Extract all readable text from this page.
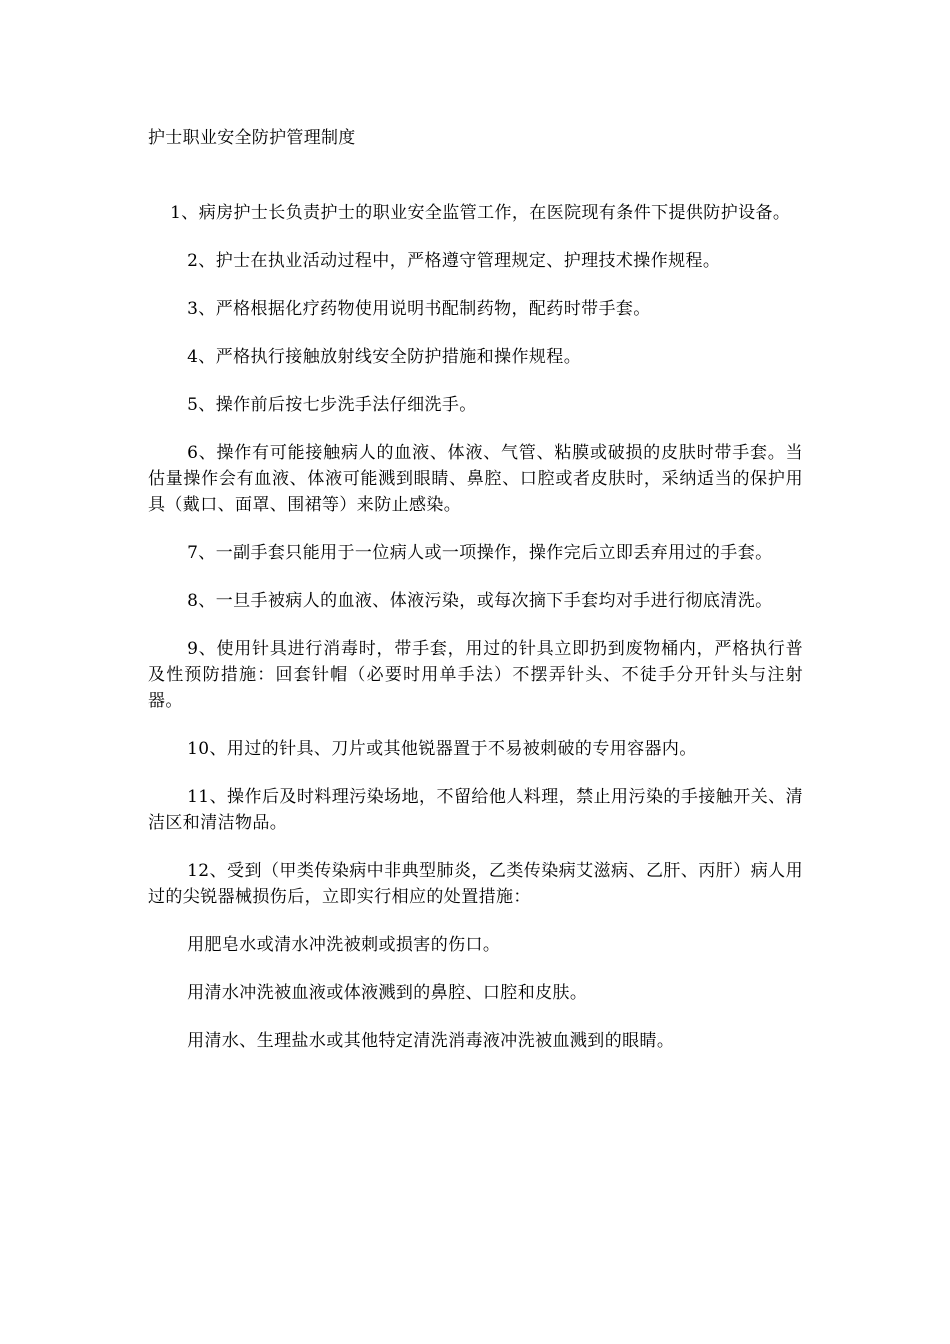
护士职业安全防护管理制度

1、病房护士长负责护士的职业安全监管工作，在医院现有条件下提供防护设备。

2、护士在执业活动过程中，严格遵守管理规定、护理技术操作规程。

3、严格根据化疗药物使用说明书配制药物，配药时带手套。

4、严格执行接触放射线安全防护措施和操作规程。

5、操作前后按七步洗手法仔细洗手。

6、操作有可能接触病人的血液、体液、气管、粘膜或破损的皮肤时带手套。当估量操作会有血液、体液可能溅到眼睛、鼻腔、口腔或者皮肤时，采纳适当的保护用具（戴口、面罩、围裙等）来防止感染。

7、一副手套只能用于一位病人或一项操作，操作完后立即丢弃用过的手套。

8、一旦手被病人的血液、体液污染，或每次摘下手套均对手进行彻底清洗。

9、使用针具进行消毒时，带手套，用过的针具立即扔到废物桶内，严格执行普及性预防措施：回套针帽（必要时用单手法）不摆弄针头、不徒手分开针头与注射器。

10、用过的针具、刀片或其他锐器置于不易被刺破的专用容器内。

11、操作后及时料理污染场地，不留给他人料理，禁止用污染的手接触开关、清洁区和清洁物品。

12、受到（甲类传染病中非典型肺炎，乙类传染病艾滋病、乙肝、丙肝）病人用过的尖锐器械损伤后，立即实行相应的处置措施：

用肥皂水或清水冲洗被刺或损害的伤口。

用清水冲洗被血液或体液溅到的鼻腔、口腔和皮肤。

用清水、生理盐水或其他特定清洗消毒液冲洗被血溅到的眼睛。
